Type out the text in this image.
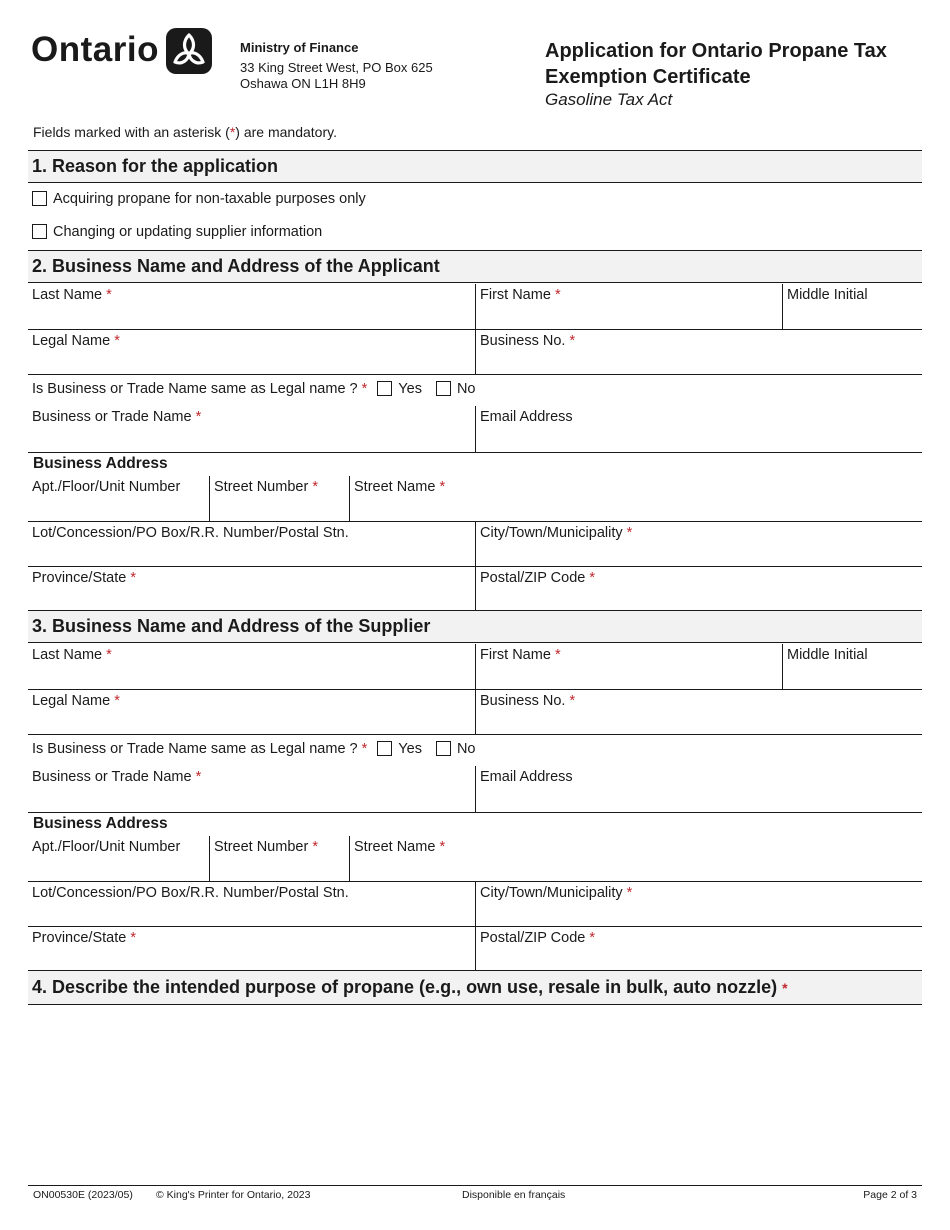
Ontario	Ministry of Finance
33 King Street West, PO Box 625
Oshawa ON L1H 8H9
Application for Ontario Propane Tax Exemption Certificate
Gasoline Tax Act
Fields marked with an asterisk (*) are mandatory.
1. Reason for the application
Acquiring propane for non-taxable purposes only
Changing or updating supplier information
2. Business Name and Address of the Applicant
Last Name *	First Name *	Middle Initial
Legal Name *	Business No. *
Is Business or Trade Name same as Legal name ? * Yes No
Business or Trade Name *	Email Address
Business Address
Apt./Floor/Unit Number Street Number * Street Name *
Lot/Concession/PO Box/R.R. Number/Postal Stn.	City/Town/Municipality *
Province/State *	Postal/ZIP Code *
3. Business Name and Address of the Supplier
Last Name *	First Name *	Middle Initial
Legal Name *	Business No. *
Is Business or Trade Name same as Legal name ? * Yes No
Business or Trade Name *	Email Address
Business Address
Apt./Floor/Unit Number Street Number * Street Name *
Lot/Concession/PO Box/R.R. Number/Postal Stn.	City/Town/Municipality *
Province/State *	Postal/ZIP Code *
4. Describe the intended purpose of propane (e.g., own use, resale in bulk, auto nozzle) *
ON00530E (2023/05) © King's Printer for Ontario, 2023	Disponible en français	Page 2 of 3
